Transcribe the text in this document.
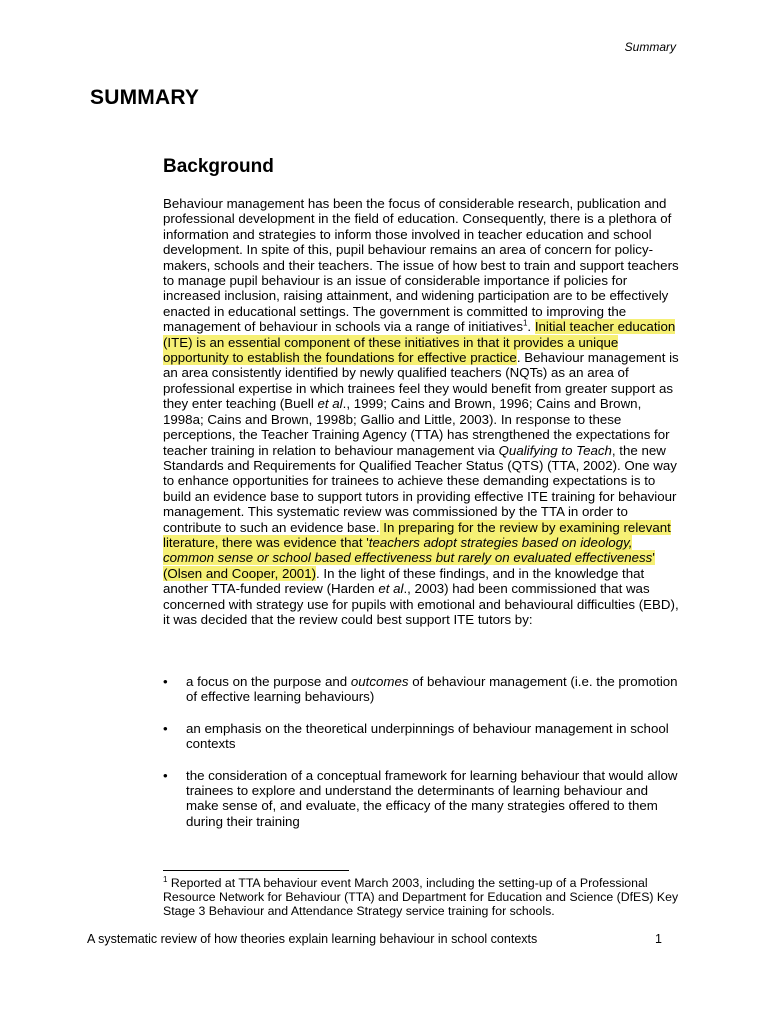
Summary
SUMMARY
Background

Behaviour management has been the focus of considerable research, publication and professional development in the field of education. Consequently, there is a plethora of information and strategies to inform those involved in teacher education and school development. In spite of this, pupil behaviour remains an area of concern for policy-makers, schools and their teachers. The issue of how best to train and support teachers to manage pupil behaviour is an issue of considerable importance if policies for increased inclusion, raising attainment, and widening participation are to be effectively enacted in educational settings. The government is committed to improving the management of behaviour in schools via a range of initiatives$^1$. Initial teacher education (ITE) is an essential component of these initiatives in that it provides a unique opportunity to establish the foundations for effective practice. Behaviour management is an area consistently identified by newly qualified teachers (NQTs) as an area of professional expertise in which trainees feel they would benefit from greater support as they enter teaching (Buell et al., 1999; Cains and Brown, 1996; Cains and Brown, 1998a; Cains and Brown, 1998b; Gallio and Little, 2003). In response to these perceptions, the Teacher Training Agency (TTA) has strengthened the expectations for teacher training in relation to behaviour management via Qualifying to Teach, the new Standards and Requirements for Qualified Teacher Status (QTS) (TTA, 2002). One way to enhance opportunities for trainees to achieve these demanding expectations is to build an evidence base to support tutors in providing effective ITE training for behaviour management. This systematic review was commissioned by the TTA in order to contribute to such an evidence base. In preparing for the review by examining relevant literature, there was evidence that 'teachers adopt strategies based on ideology, common sense or school based effectiveness but rarely on evaluated effectiveness' (Olsen and Cooper, 2001). In the light of these findings, and in the knowledge that another TTA-funded review (Harden et al., 2003) had been commissioned that was concerned with strategy use for pupils with emotional and behavioural difficulties (EBD), it was decided that the review could best support ITE tutors by:

• a focus on the purpose and outcomes of behaviour management (i.e. the promotion of effective learning behaviours)
• an emphasis on the theoretical underpinnings of behaviour management in school contexts
• the consideration of a conceptual framework for learning behaviour that would allow trainees to explore and understand the determinants of learning behaviour and make sense of, and evaluate, the efficacy of the many strategies offered to them during their training

$^1$ Reported at TTA behaviour event March 2003, including the setting-up of a Professional Resource Network for Behaviour (TTA) and Department for Education and Science (DfES) Key Stage 3 Behaviour and Attendance Strategy service training for schools.

A systematic review of how theories explain learning behaviour in school contexts	1
